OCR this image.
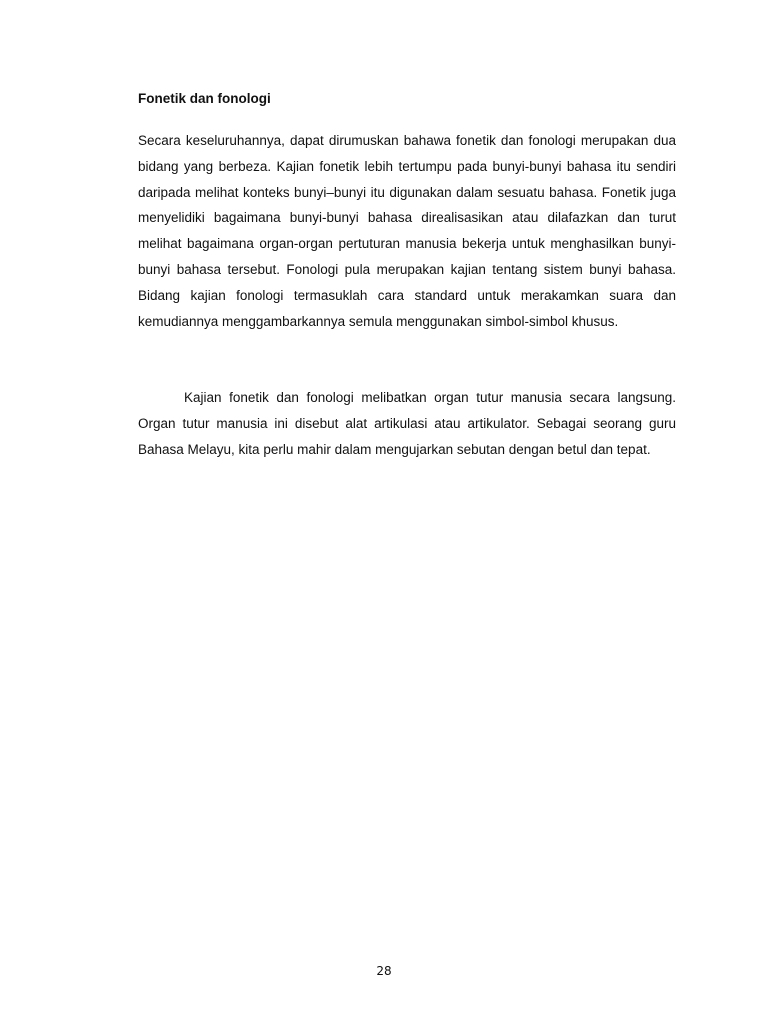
Fonetik dan fonologi

Secara keseluruhannya, dapat dirumuskan bahawa fonetik dan fonologi merupakan dua bidang yang berbeza. Kajian fonetik lebih tertumpu pada bunyi-bunyi bahasa itu sendiri daripada melihat konteks bunyi–bunyi itu digunakan dalam sesuatu bahasa. Fonetik juga menyelidiki bagaimana bunyi-bunyi bahasa direalisasikan atau dilafazkan dan turut melihat bagaimana organ-organ pertuturan manusia bekerja untuk menghasilkan bunyi-bunyi bahasa tersebut. Fonologi pula merupakan kajian tentang sistem bunyi bahasa. Bidang kajian fonologi termasuklah cara standard untuk merakamkan suara dan kemudiannya menggambarkannya semula menggunakan simbol-simbol khusus.

Kajian fonetik dan fonologi melibatkan organ tutur manusia secara langsung. Organ tutur manusia ini disebut alat artikulasi atau artikulator. Sebagai seorang guru Bahasa Melayu, kita perlu mahir dalam mengujarkan sebutan dengan betul dan tepat.

28
